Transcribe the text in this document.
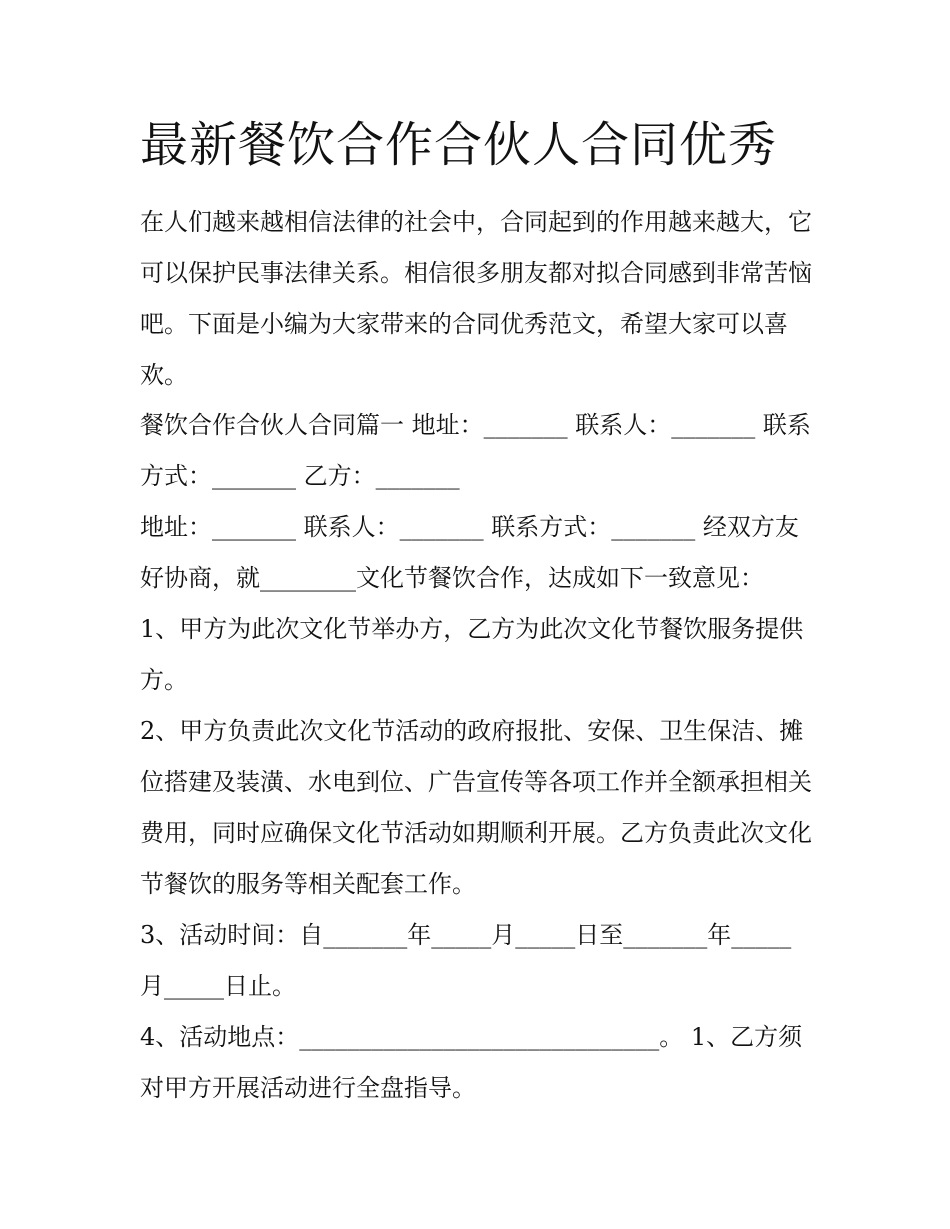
最新餐饮合作合伙人合同优秀

在人们越来越相信法律的社会中，合同起到的作用越来越大，它可以保护民事法律关系。相信很多朋友都对拟合同感到非常苦恼吧。下面是小编为大家带来的合同优秀范文，希望大家可以喜欢。

餐饮合作合伙人合同篇一 地址：_______ 联系人：_______ 联系方式：_______ 乙方：_______

地址：_______ 联系人：_______ 联系方式：_______ 经双方友好协商，就________文化节餐饮合作，达成如下一致意见：

1、甲方为此次文化节举办方，乙方为此次文化节餐饮服务提供方。

2、甲方负责此次文化节活动的政府报批、安保、卫生保洁、摊位搭建及装潢、水电到位、广告宣传等各项工作并全额承担相关费用，同时应确保文化节活动如期顺利开展。乙方负责此次文化节餐饮的服务等相关配套工作。

3、活动时间：自_______年_____月_____日至_______年_____月_____日止。

4、活动地点：______________________________。 1、乙方须对甲方开展活动进行全盘指导。
